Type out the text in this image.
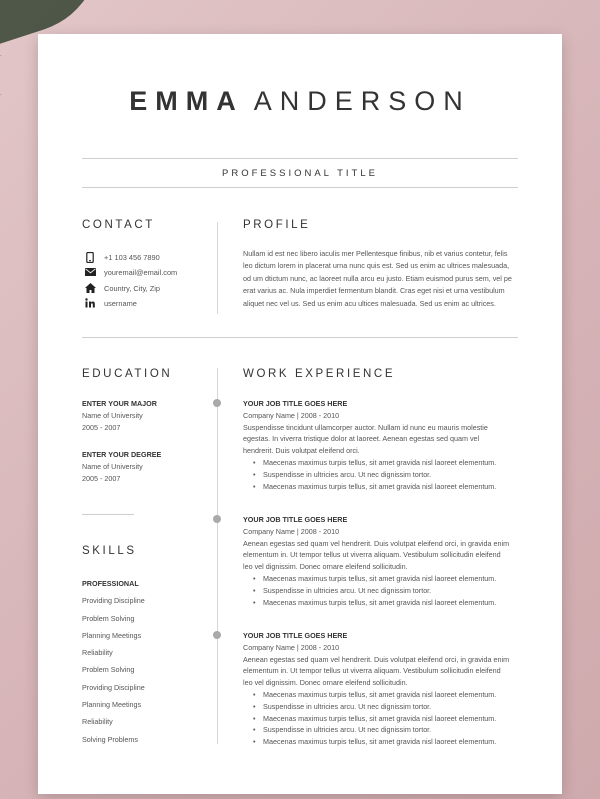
EMMA ANDERSON
PROFESSIONAL TITLE
CONTACT
+1 103 456 7890
youremail@email.com
Country, City, Zip
username
PROFILE
Nullam id est nec libero iaculis mer Pellentesque finibus, nib et varius contetur, felis
leo dictum lorem in placerat urna nunc quis est. Sed us enim ac ultrices malesuada,
od um dtictum nunc, ac laoreet nulla arcu eu justo. Etiam euismod purus sem, vel pe
erat varius ac. Nula imperdiet fermentum blandit. Cras eget nisi et urna vestibulum
aliquet nec vel us. Sed us enim acu ultices malesuada. Sed us enim ac ultrices.
EDUCATION
ENTER YOUR MAJOR
Name of University
2005 - 2007
ENTER YOUR DEGREE
Name of University
2005 - 2007
SKILLS
PROFESSIONAL
Providing Discipline
Problem Solving
Planning Meetings
Reliability
Problem Solving
Providing Discipline
Planning Meetings
Reliability
Solving Problems
WORK EXPERIENCE
YOUR JOB TITLE GOES HERE
Company Name | 2008 - 2010
Suspendisse tincidunt ullamcorper auctor. Nullam id nunc eu mauris molestie
egestas. In viverra tristique dolor at laoreet. Aenean egestas sed quam vel
hendrerit. Duis volutpat eleifend orci.
• Maecenas maximus turpis tellus, sit amet gravida nisl laoreet elementum.
• Suspendisse in ultricies arcu. Ut nec dignissim tortor.
• Maecenas maximus turpis tellus, sit amet gravida nisl laoreet elementum.
YOUR JOB TITLE GOES HERE
Company Name | 2008 - 2010
Aenean egestas sed quam vel hendrerit. Duis volutpat eleifend orci, in gravida enim
elementum in. Ut tempor tellus ut viverra aliquam. Vestibulum sollicitudin eleifend
leo vel dignissim. Donec ornare eleifend sollicitudin.
• Maecenas maximus turpis tellus, sit amet gravida nisl laoreet elementum.
• Suspendisse in ultricies arcu. Ut nec dignissim tortor.
• Maecenas maximus turpis tellus, sit amet gravida nisl laoreet elementum.
YOUR JOB TITLE GOES HERE
Company Name | 2008 - 2010
Aenean egestas sed quam vel hendrerit. Duis volutpat eleifend orci, in gravida enim
elementum in. Ut tempor tellus ut viverra aliquam. Vestibulum sollicitudin eleifend
leo vel dignissim. Donec ornare eleifend sollicitudin.
• Maecenas maximus turpis tellus, sit amet gravida nisl laoreet elementum.
• Suspendisse in ultricies arcu. Ut nec dignissim tortor.
• Maecenas maximus turpis tellus, sit amet gravida nisl laoreet elementum.
• Suspendisse in ultricies arcu. Ut nec dignissim tortor.
• Maecenas maximus turpis tellus, sit amet gravida nisl laoreet elementum.
